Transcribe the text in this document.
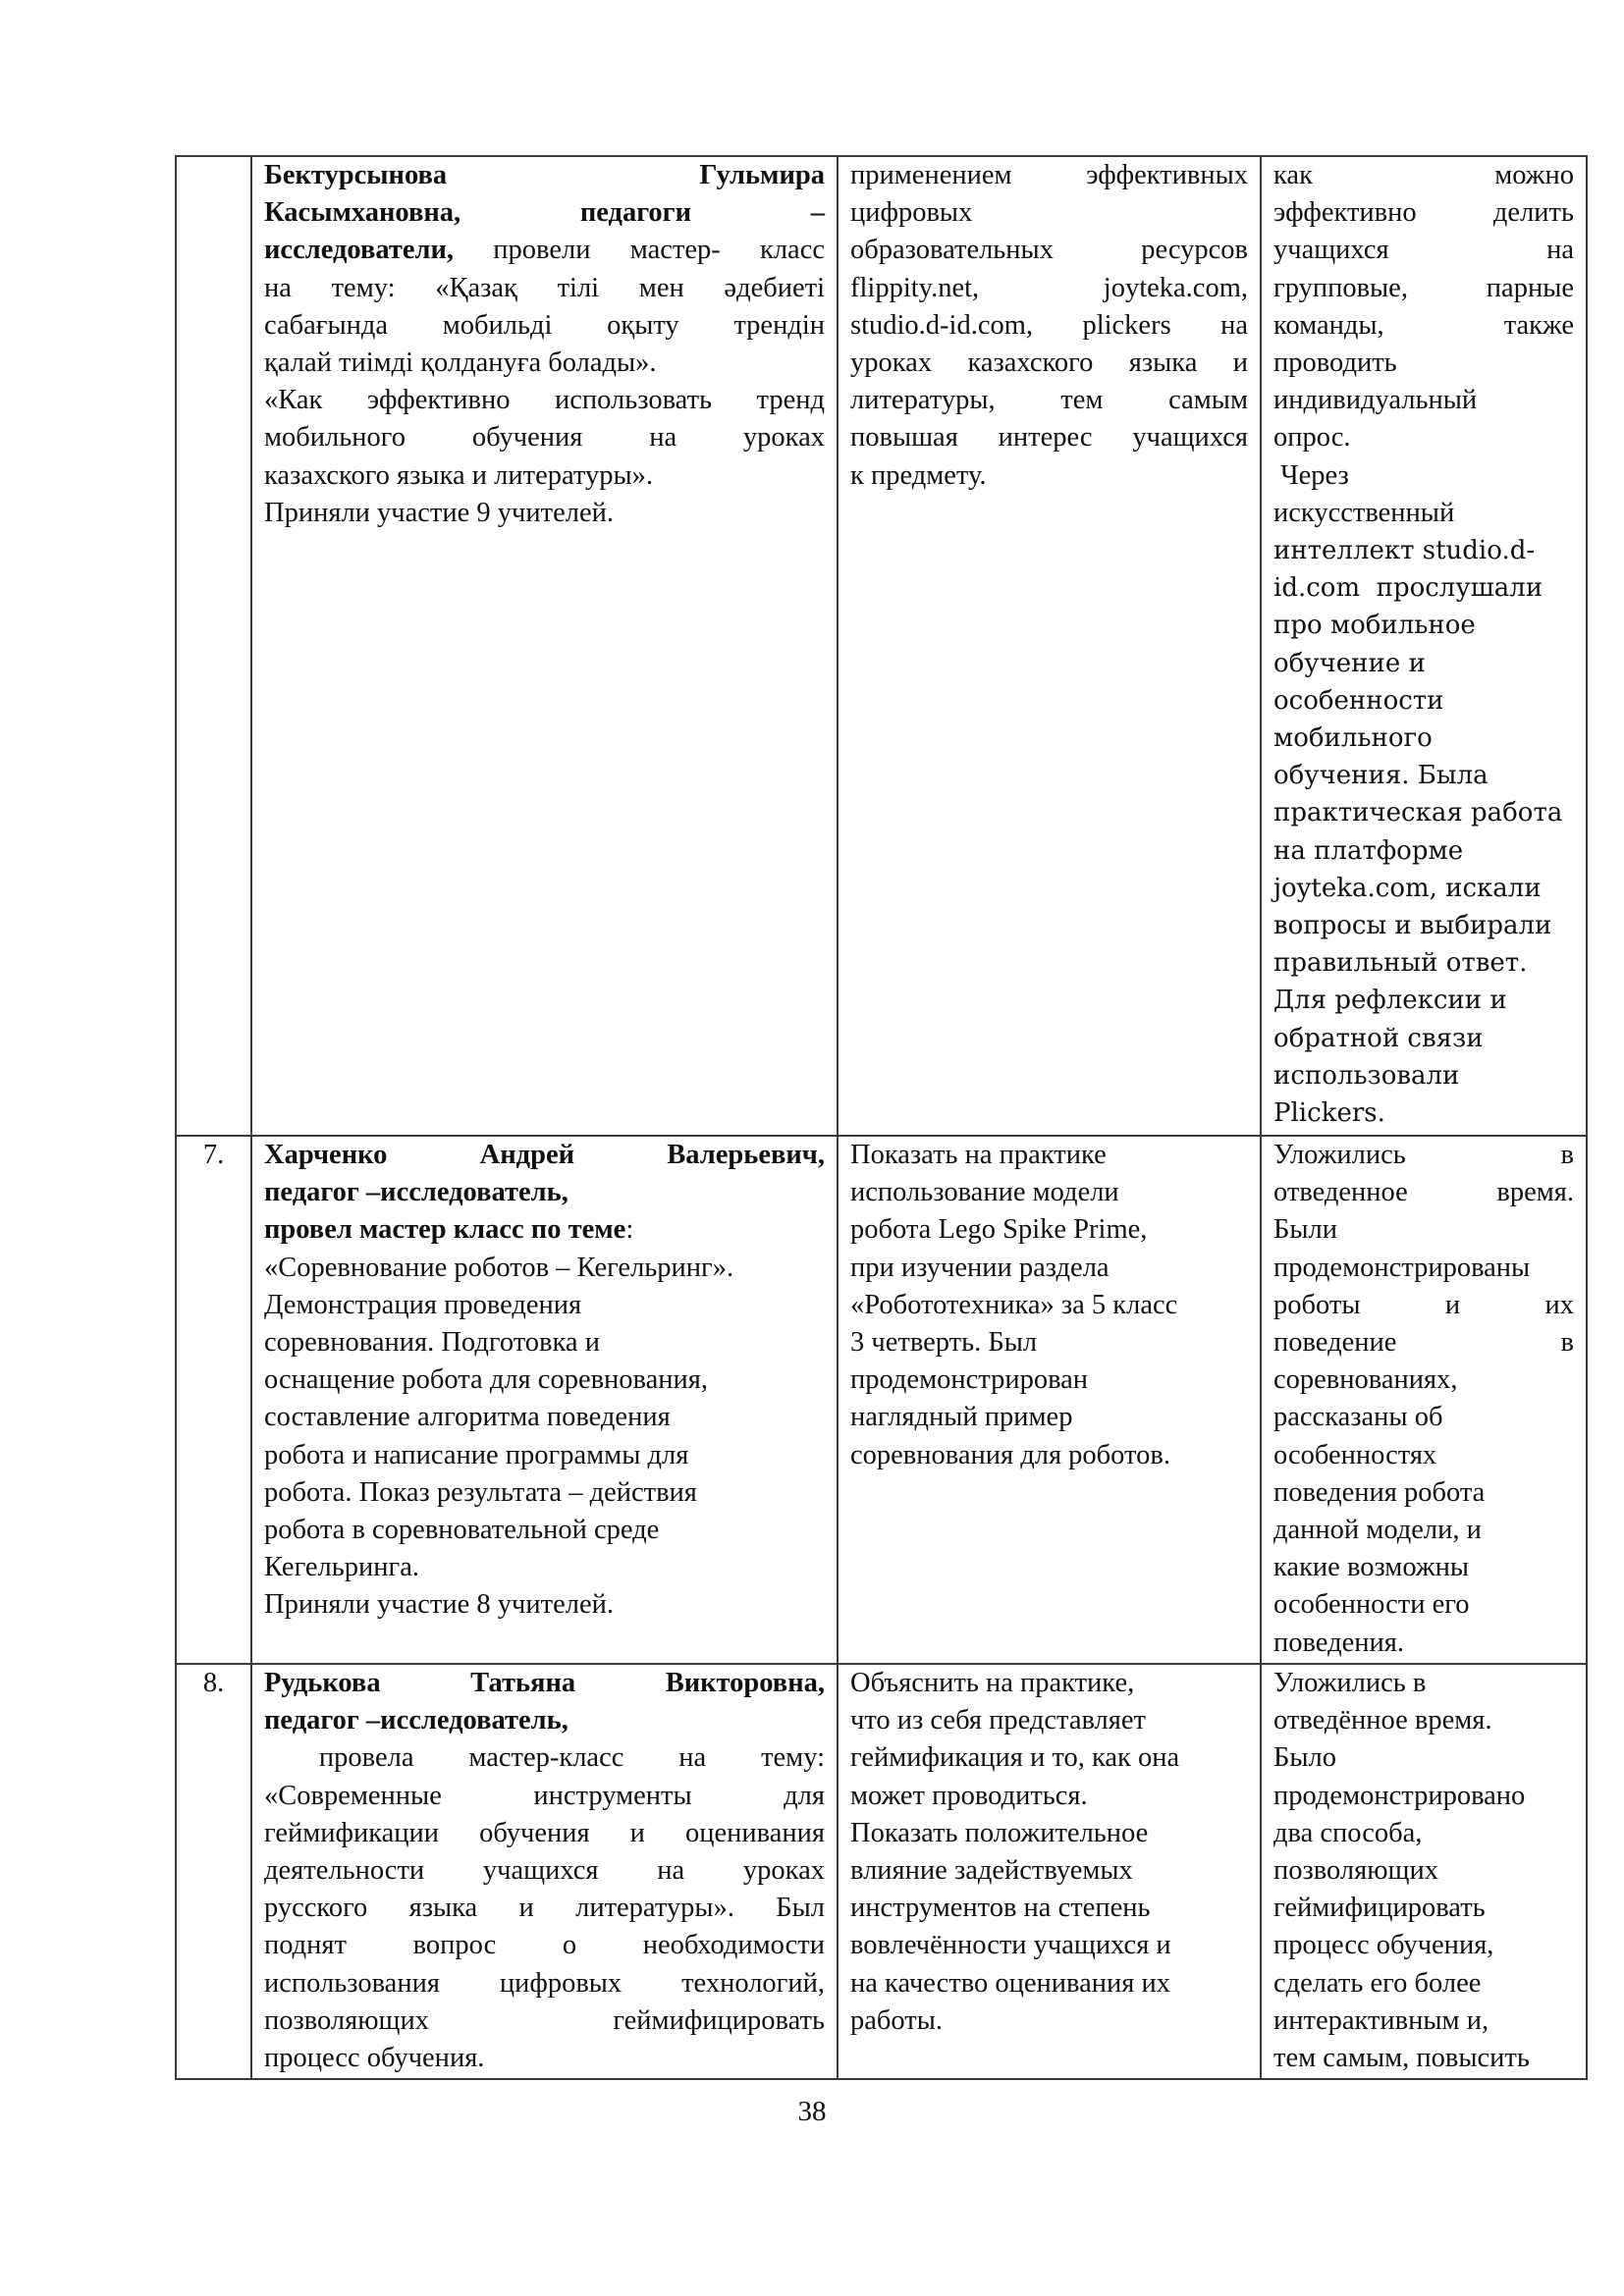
Бектурсынова Гульмира
Касымхановна, педагоги –
исследователи, провели мастер- класс
на тему: «Қазақ тілі мен әдебиеті
сабағында мобильді оқыту трендін
қалай тиімді қолдануға болады».
«Как эффективно использовать тренд
мобильного обучения на уроках
казахского языка и литературы».
Приняли участие 9 учителей.

применением эффективных
цифровых
образовательных ресурсов
flippity.net, joyteka.com,
studio.d-id.com, plickers на
уроках казахского языка и
литературы, тем самым
повышая интерес учащихся
к предмету.

как можно
эффективно делить
учащихся на
групповые, парные
команды, также
проводить
индивидуальный
опрос.
Через
искусственный
интеллект studio.d-
id.com  прослушали
про мобильное
обучение и
особенности
мобильного
обучения. Была
практическая работа
на платформе
joyteka.com, искали
вопросы и выбирали
правильный ответ.
Для рефлексии и
обратной связи
использовали
Plickers.

7.	Харченко Андрей Валерьевич,
педагог –исследователь,
провел мастер класс по теме:
«Соревнование роботов – Кегельринг».
Демонстрация проведения
соревнования. Подготовка и
оснащение робота для соревнования,
составление алгоритма поведения
робота и написание программы для
робота. Показ результата – действия
робота в соревновательной среде
Кегельринга.
Приняли участие 8 учителей.

Показать на практике
использование модели
робота Lego Spike Prime,
при изучении раздела
«Робототехника» за 5 класс
3 четверть. Был
продемонстрирован
наглядный пример
соревнования для роботов.

Уложились в
отведенное время.
Были
продемонстрированы
роботы и их
поведение в
соревнованиях,
рассказаны об
особенностях
поведения робота
данной модели, и
какие возможны
особенности его
поведения.

8.	Рудькова Татьяна Викторовна,
педагог –исследователь,
провела мастер-класс на тему:
«Современные инструменты для
геймификации обучения и оценивания
деятельности учащихся на уроках
русского языка и литературы». Был
поднят вопрос о необходимости
использования цифровых технологий,
позволяющих геймифицировать
процесс обучения.

Объяснить на практике,
что из себя представляет
геймификация и то, как она
может проводиться.
Показать положительное
влияние задействуемых
инструментов на степень
вовлечённости учащихся и
на качество оценивания их
работы.

Уложились в
отведённое время.
Было
продемонстрировано
два способа,
позволяющих
геймифицировать
процесс обучения,
сделать его более
интерактивным и,
тем самым, повысить
38
